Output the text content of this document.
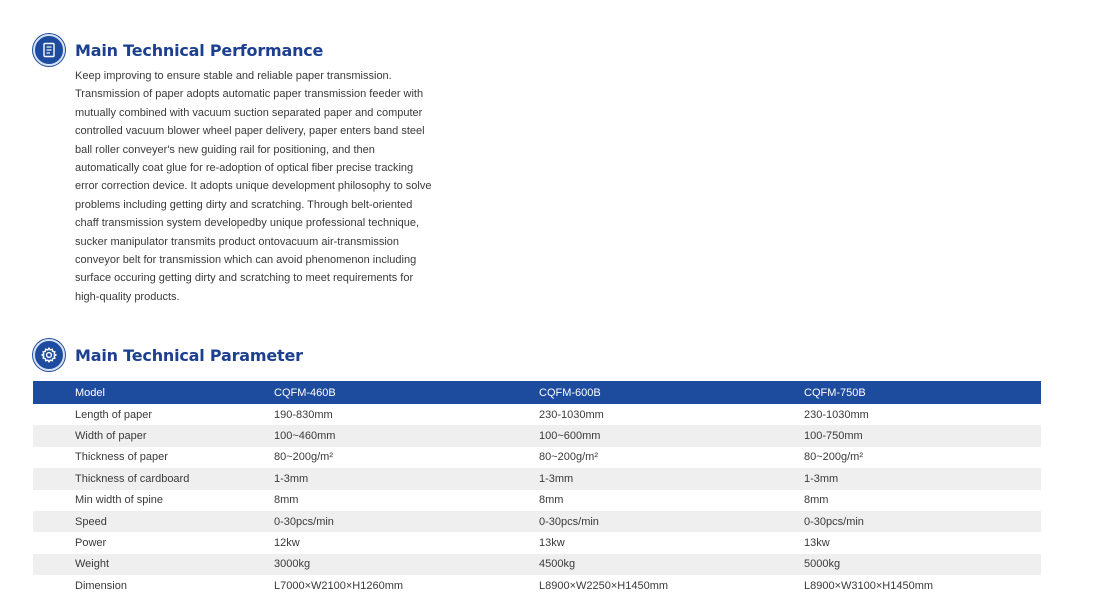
Main Technical Performance
Keep improving to ensure stable and reliable paper transmission.
Transmission of paper adopts automatic paper transmission feeder with
mutually combined with vacuum suction separated paper and computer
controlled vacuum blower wheel paper delivery, paper enters band steel
ball roller conveyer's new guiding rail for positioning, and then
automatically coat glue for re-adoption of optical fiber precise tracking
error correction device. It adopts unique development philosophy to solve
problems including getting dirty and scratching. Through belt-oriented
chaff transmission system developedby unique professional technique,
sucker manipulator transmits product ontovacuum air-transmission
conveyor belt for transmission which can avoid phenomenon including
surface occuring getting dirty and scratching to meet requirements for
high-quality products.
Main Technical Parameter
Model	CQFM-460B	CQFM-600B	CQFM-750B
Length of paper	190-830mm	230-1030mm	230-1030mm
Width of paper	100~460mm	100~600mm	100-750mm
Thickness of paper	80~200g/m²	80~200g/m²	80~200g/m²
Thickness of cardboard	1-3mm	1-3mm	1-3mm
Min width of spine	8mm	8mm	8mm
Speed	0-30pcs/min	0-30pcs/min	0-30pcs/min
Power	12kw	13kw	13kw
Weight	3000kg	4500kg	5000kg
Dimension	L7000×W2100×H1260mm	L8900×W2250×H1450mm	L8900×W3100×H1450mm
